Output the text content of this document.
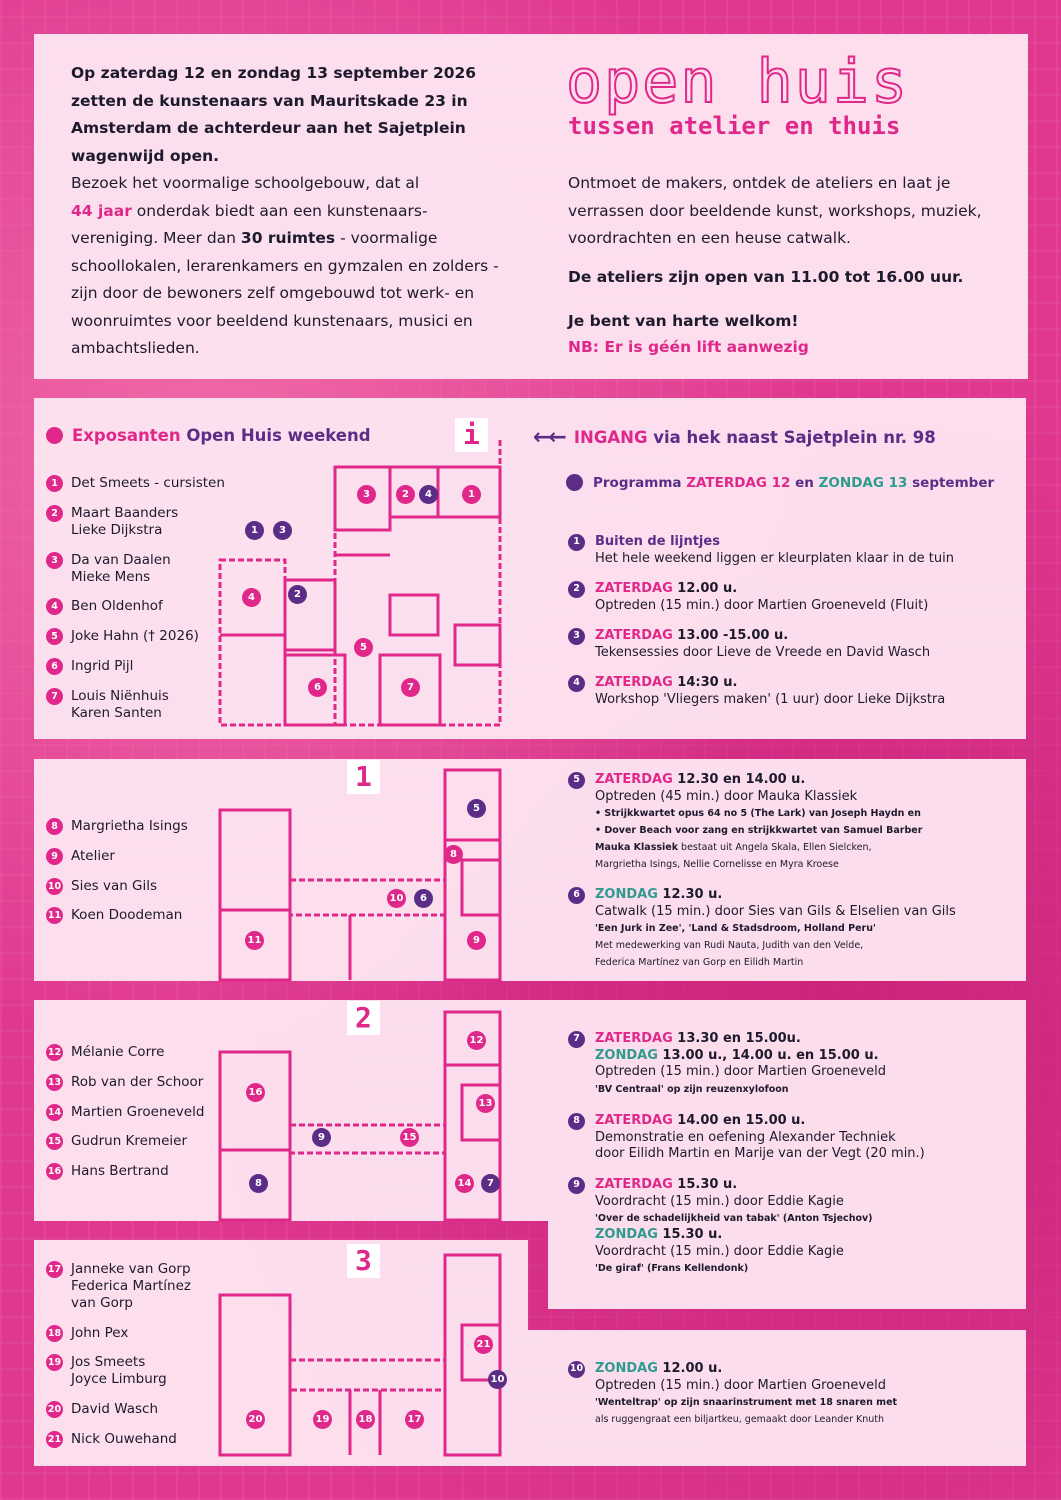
Op zaterdag 12 en zondag 13 september 2026 zetten de kunstenaars van Mauritskade 23 in Amsterdam de achterdeur aan het Sajetplein wagenwijd open.
Bezoek het voormalige schoolgebouw, dat al
44 jaar onderdak biedt aan een kunstenaars-vereniging. Meer dan 30 ruimtes - voormalige schoollokalen, lerarenkamers en gymzalen en zolders - zijn door de bewoners zelf omgebouwd tot werk- en woonruimtes voor beeldend kunstenaars, musici en ambachtslieden.
open huis
tussen atelier en thuis
Ontmoet de makers, ontdek de ateliers en laat je verrassen door beeldende kunst, workshops, muziek, voordrachten en een heuse catwalk.
De ateliers zijn open van 11.00 tot 16.00 uur.
Je bent van harte welkom!
NB: Er is géén lift aanwezig
Exposanten Open Huis weekend
1 Det Smeets - cursisten
2 Maart Baanders
Lieke Dijkstra
3 Da van Daalen
Mieke Mens
4 Ben Oldenhof
5 Joke Hahn († 2026)
6 Ingrid Pijl
7 Louis Niënhuis
Karen Santen
8 Margrietha Isings
9 Atelier
10 Sies van Gils
11 Koen Doodeman
12 Mélanie Corre
13 Rob van der Schoor
14 Martien Groeneveld
15 Gudrun Kremeier
16 Hans Bertrand
17 Janneke van Gorp
Federica Martínez
van Gorp
18 John Pex
19 Jos Smeets
Joyce Limburg
20 David Wasch
21 Nick Ouwehand
←← INGANG via hek naast Sajetplein nr. 98
Programma ZATERDAG 12 en ZONDAG 13 september
1	Buiten de lijntjes
Het hele weekend liggen er kleurplaten klaar in de tuin
2	ZATERDAG 12.00 u.
Optreden (15 min.) door Martien Groeneveld (Fluit)
3	ZATERDAG 13.00 -15.00 u.
Tekensessies door Lieve de Vreede en David Wasch
4	ZATERDAG 14:30 u.
Workshop 'Vliegers maken' (1 uur) door Lieke Dijkstra
5	ZATERDAG 12.30 en 14.00 u.
Optreden (45 min.) door Mauka Klassiek
• Strijkkwartet opus 64 no 5 (The Lark) van Joseph Haydn en
• Dover Beach voor zang en strijkkwartet van Samuel Barber
Mauka Klassiek bestaat uit Angela Skala, Ellen Sielcken,
Margrietha Isings, Nellie Cornelisse en Myra Kroese
6	ZONDAG 12.30 u.
Catwalk (15 min.) door Sies van Gils & Elselien van Gils
'Een Jurk in Zee', 'Land & Stadsdroom, Holland Peru'
Met medewerking van Rudi Nauta, Judith van den Velde,
Federica Martínez van Gorp en Eilidh Martin
7	ZATERDAG 13.30 en 15.00u.
ZONDAG 13.00 u., 14.00 u. en 15.00 u.
Optreden (15 min.) door Martien Groeneveld
'BV Centraal' op zijn reuzenxylofoon
8	ZATERDAG 14.00 en 15.00 u.
Demonstratie en oefening Alexander Techniek
door Eilidh Martin en Marije van der Vegt (20 min.)
9	ZATERDAG 15.30 u.
Voordracht (15 min.) door Eddie Kagie
'Over de schadelijkheid van tabak' (Anton Tsjechov)
ZONDAG 15.30 u.
Voordracht (15 min.) door Eddie Kagie
'De giraf' (Frans Kellendonk)
10 ZONDAG 12.00 u.
Optreden (15 min.) door Martien Groeneveld
'Wenteltrap' op zijn snaarinstrument met 18 snaren met
als ruggengraat een biljartkeu, gemaakt door Leander Knuth
i
1
2
3
3	2	4	1
1	3
4	2
5
6	7
5
8
10	6
11	9
12
16
13
9	15
8	14	7
21
10
20	19	18	17
